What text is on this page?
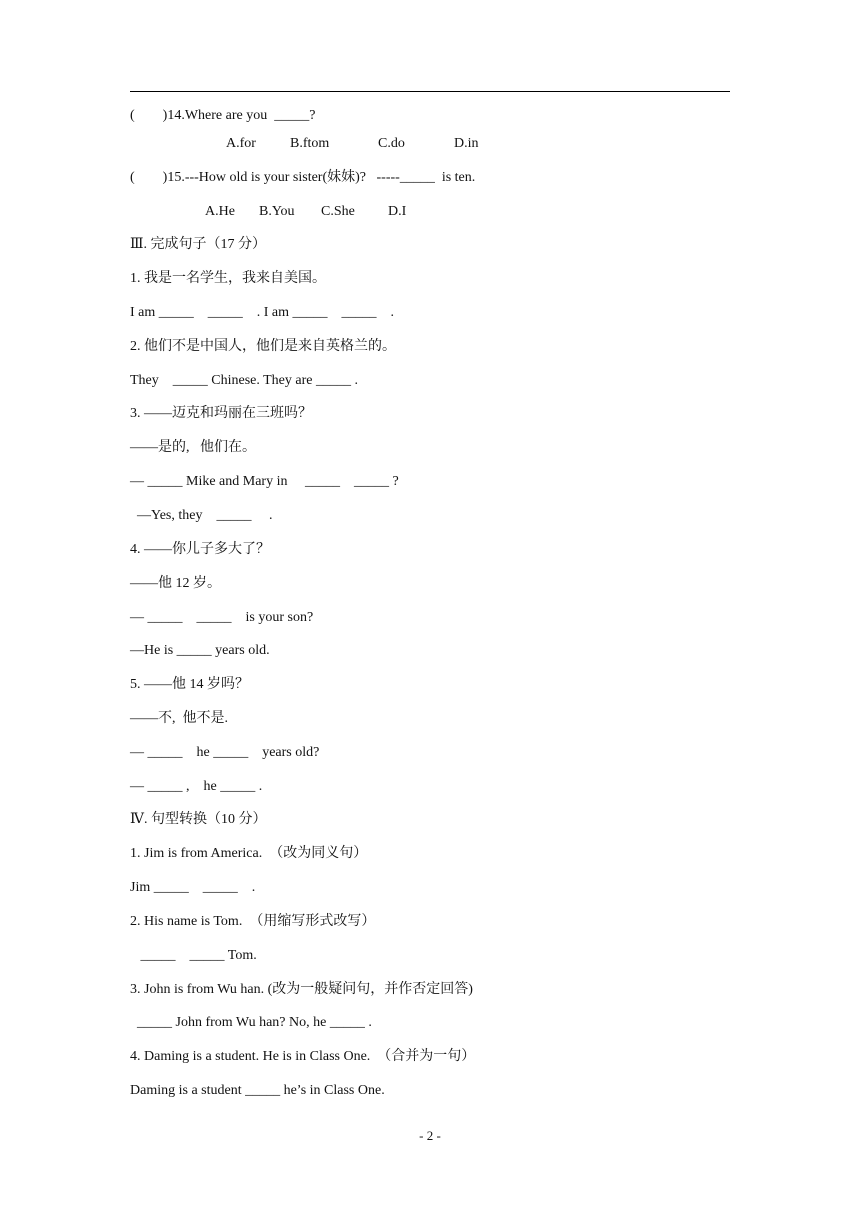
(        )14.Where are you  _____?
A.for B.ftom	C.do	D.in
(        )15.---How old is your sister(妹妹)?   -----_____  is ten.
A.He B.You C.She D.I
Ⅲ. 完成句子（17 分）
1. 我是一名学生，我来自美国。
I am _____    _____    . I am _____    _____    .
2. 他们不是中国人，他们是来自英格兰的。
They    _____ Chinese. They are _____ .
3. ——迈克和玛丽在三班吗？
——是的,   他们在。
— _____ Mike and Mary in     _____    _____ ?
—Yes, they    _____     .
4. ——你儿子多大了？
——他 12 岁。
— _____    _____    is your son?
—He is _____ years old.
5. ——他 14 岁吗？
——不,  他不是.
— _____    he _____    years old?
— _____ ,    he _____ .
Ⅳ. 句型转换（10 分）
1. Jim is from America.  （改为同义句）
Jim _____    _____    .
2. His name is Tom.  （用缩写形式改写）
_____    _____ Tom.
3. John is from Wu han. (改为一般疑问句，并作否定回答)
_____ John from Wu han? No, he _____ .
4. Daming is a student. He is in Class One.  （合并为一句）
Daming is a student _____ he’s in Class One.
- 2 -
